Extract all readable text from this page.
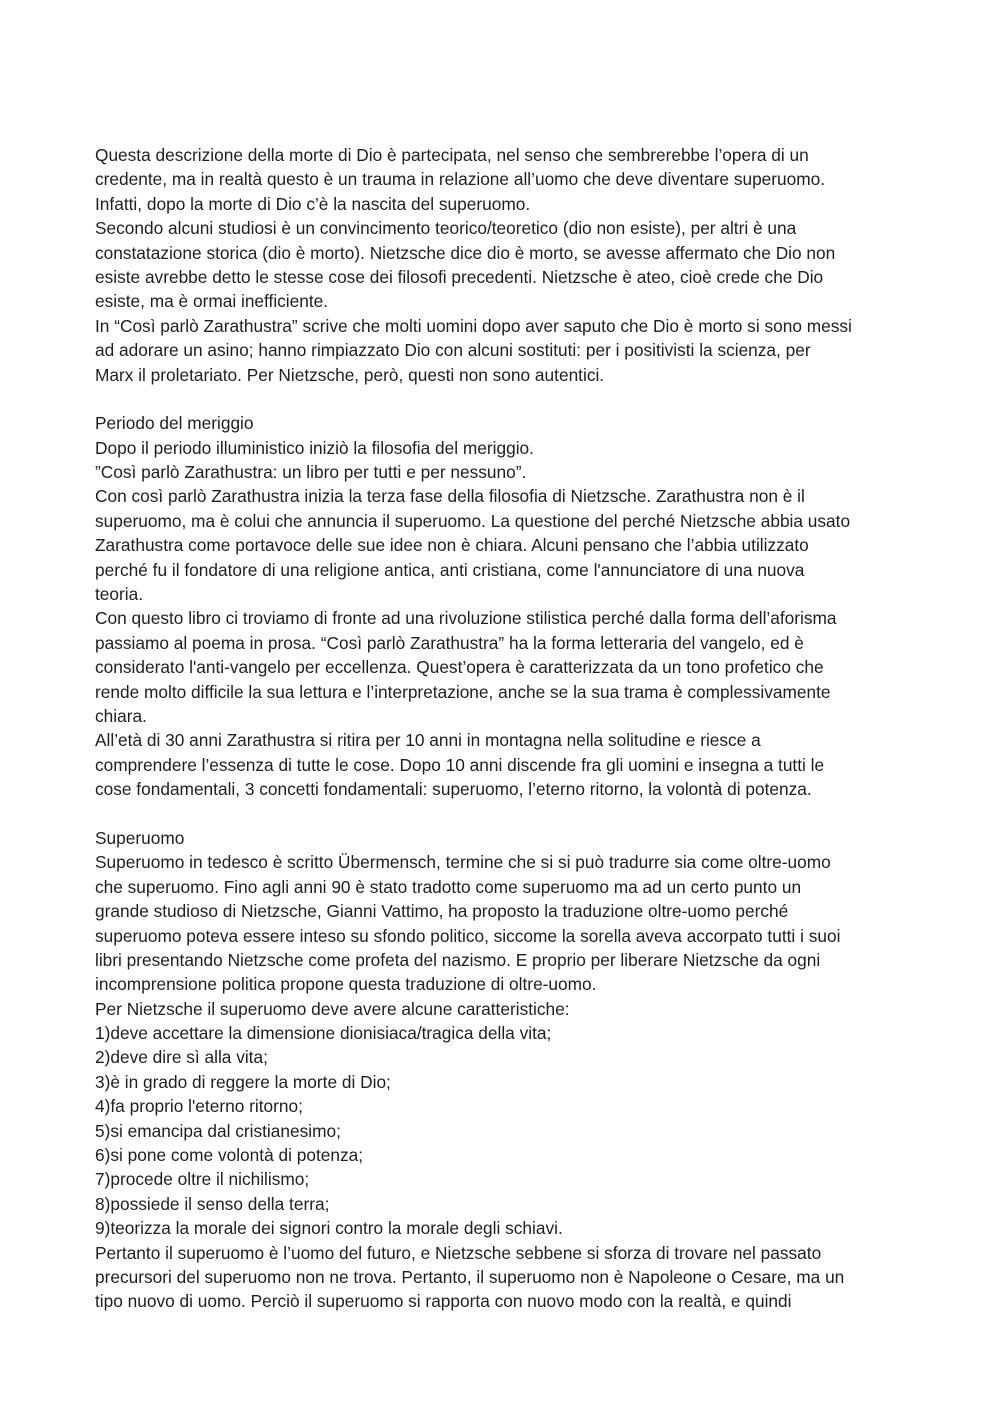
Questa descrizione della morte di Dio è partecipata, nel senso che sembrerebbe l’opera di un
credente, ma in realtà questo è un trauma in relazione all’uomo che deve diventare superuomo.
Infatti, dopo la morte di Dio c’è la nascita del superuomo.
Secondo alcuni studiosi è un convincimento teorico/teoretico (dio non esiste), per altri è una
constatazione storica (dio è morto). Nietzsche dice dio è morto, se avesse affermato che Dio non
esiste avrebbe detto le stesse cose dei filosofi precedenti. Nietzsche è ateo, cioè crede che Dio
esiste, ma è ormai inefficiente.
In “Così parlò Zarathustra” scrive che molti uomini dopo aver saputo che Dio è morto si sono messi
ad adorare un asino; hanno rimpiazzato Dio con alcuni sostituti: per i positivisti la scienza, per
Marx il proletariato. Per Nietzsche, però, questi non sono autentici.
Periodo del meriggio
Dopo il periodo illuministico iniziò la filosofia del meriggio.
”Così parlò Zarathustra: un libro per tutti e per nessuno”.
Con così parlò Zarathustra inizia la terza fase della filosofia di Nietzsche. Zarathustra non è il
superuomo, ma è colui che annuncia il superuomo. La questione del perché Nietzsche abbia usato
Zarathustra come portavoce delle sue idee non è chiara. Alcuni pensano che l’abbia utilizzato
perché fu il fondatore di una religione antica, anti cristiana, come l'annunciatore di una nuova
teoria.
Con questo libro ci troviamo di fronte ad una rivoluzione stilistica perché dalla forma dell’aforisma
passiamo al poema in prosa. “Così parlò Zarathustra” ha la forma letteraria del vangelo, ed è
considerato l'anti-vangelo per eccellenza. Quest’opera è caratterizzata da un tono profetico che
rende molto difficile la sua lettura e l’interpretazione, anche se la sua trama è complessivamente
chiara.
All’età di 30 anni Zarathustra si ritira per 10 anni in montagna nella solitudine e riesce a
comprendere l’essenza di tutte le cose. Dopo 10 anni discende fra gli uomini e insegna a tutti le
cose fondamentali, 3 concetti fondamentali: superuomo, l’eterno ritorno, la volontà di potenza.
Superuomo
Superuomo in tedesco è scritto Übermensch, termine che si si può tradurre sia come oltre-uomo
che superuomo. Fino agli anni 90 è stato tradotto come superuomo ma ad un certo punto un
grande studioso di Nietzsche, Gianni Vattimo, ha proposto la traduzione oltre-uomo perché
superuomo poteva essere inteso su sfondo politico, siccome la sorella aveva accorpato tutti i suoi
libri presentando Nietzsche come profeta del nazismo. E proprio per liberare Nietzsche da ogni
incomprensione politica propone questa traduzione di oltre-uomo.
Per Nietzsche il superuomo deve avere alcune caratteristiche:
1)deve accettare la dimensione dionisiaca/tragica della vita;
2)deve dire sì alla vita;
3)è in grado di reggere la morte di Dio;
4)fa proprio l'eterno ritorno;
5)si emancipa dal cristianesimo;
6)si pone come volontà di potenza;
7)procede oltre il nichilismo;
8)possiede il senso della terra;
9)teorizza la morale dei signori contro la morale degli schiavi.
Pertanto il superuomo è l’uomo del futuro, e Nietzsche sebbene si sforza di trovare nel passato
precursori del superuomo non ne trova. Pertanto, il superuomo non è Napoleone o Cesare, ma un
tipo nuovo di uomo. Perciò il superuomo si rapporta con nuovo modo con la realtà, e quindi
